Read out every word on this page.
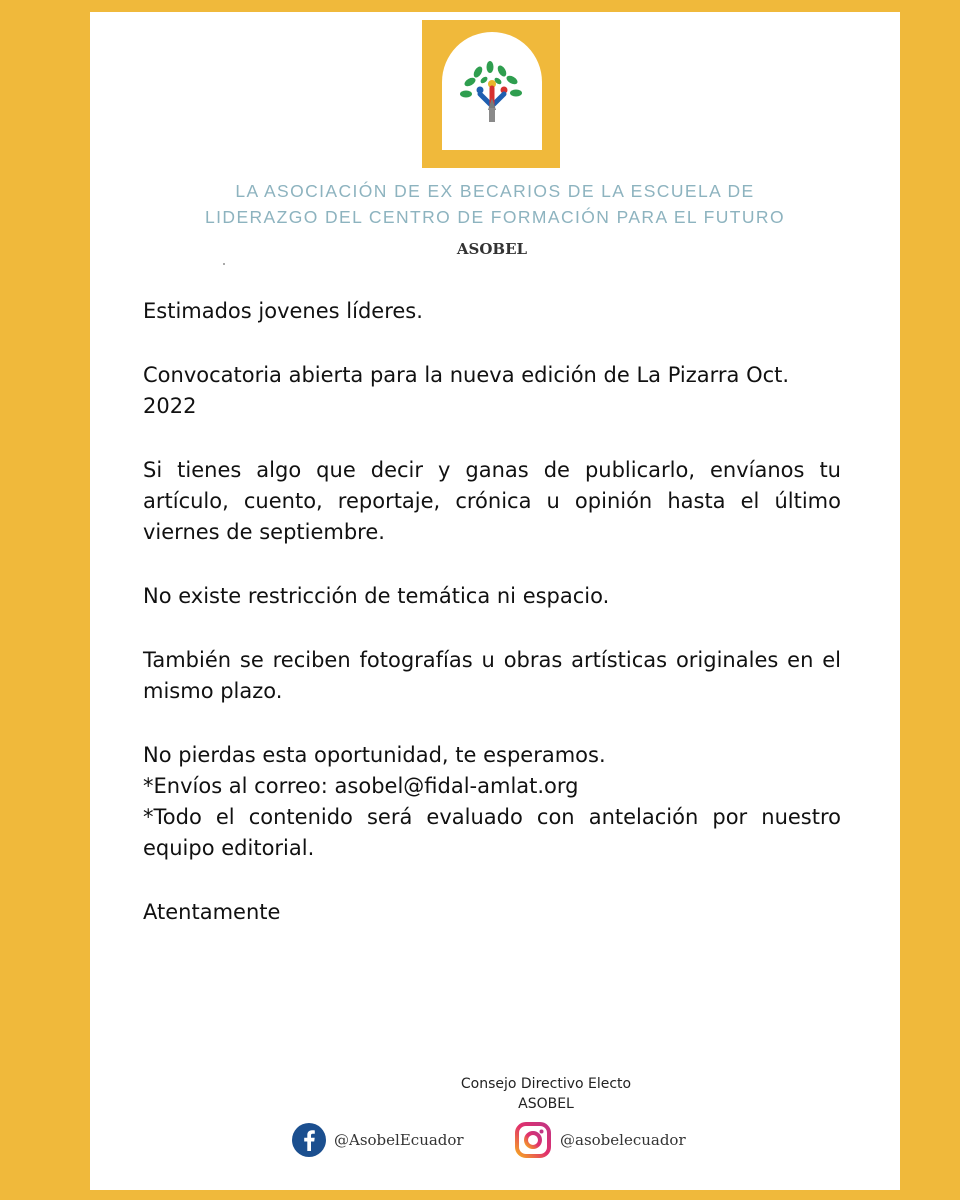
LA ASOCIACIÓN DE EX BECARIOS DE LA ESCUELA DE
LIDERAZGO DEL CENTRO DE FORMACIÓN PARA EL FUTURO
ASOBEL

Estimados jovenes líderes.

Convocatoria abierta para la nueva edición de La Pizarra Oct. 2022

Si tienes algo que decir y ganas de publicarlo, envíanos tu artículo, cuento, reportaje, crónica u opinión hasta el último viernes de septiembre.

No existe restricción de temática ni espacio.

También se reciben fotografías u obras artísticas originales en el mismo plazo.

No pierdas esta oportunidad, te esperamos.
*Envíos al correo: asobel@fidal-amlat.org

*Todo el contenido será evaluado con antelación por nuestro equipo editorial.

Atentamente

Consejo Directivo Electo
ASOBEL
@AsobelEcuador	@asobelecuador
